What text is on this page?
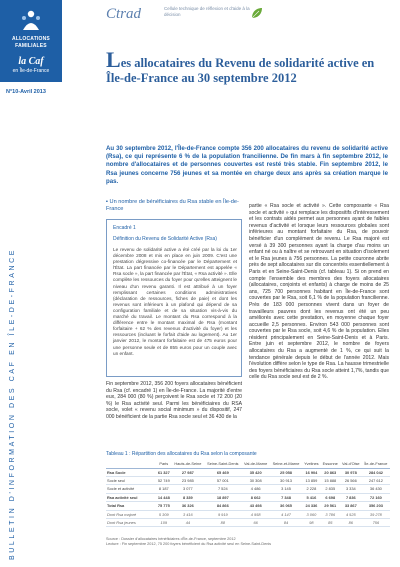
ALLOCATIONS
FAMILIALES
la Caf
en Île-de-France
N°10-Avril 2013
BULLETIN D'INFORMATION DES CAF EN ÎLE-DE-FRANCE
Ctrad	Cellule technique de réflexion et d'aide à la décision
Les allocataires du Revenu de solidarité active en Île-de-France au 30 septembre 2012

Au 30 septembre 2012, l'Île-de-France compte 356 200 allocataires du revenu de solidarité active (Rsa), ce qui représente 6 % de la population francilienne. De fin mars à fin septembre 2012, le nombre d'allocataires et de personnes couvertes est resté très stable. Fin septembre 2012, le Rsa jeunes concerne 756 jeunes et sa montée en charge deux ans après sa création marque le pas.

▪ Un nombre de bénéficiaires du Rsa stable en Île-de-France
Encadré 1
Définition du Revenu de Solidarité Active (Rsa)
Le revenu de solidarité active a été créé par la loi du 1er décembre 2008 et mis en place en juin 2009. C'est une prestation dégressive co-financée par le Département et l'État. La part financée par le Département est appelée « Rsa socle », la part financée par l'État, « Rsa activité ». Elle complète les ressources du foyer pour qu'elles atteignent le niveau d'un revenu garanti. Il est attribué à un foyer remplissant certaines conditions administratives (déclaration de ressources, fiches de paie) et dont les revenus sont inférieurs à un plafond qui dépend de sa configuration familiale et de sa situation vis-à-vis du marché du travail. Le montant du Rsa correspond à la différence entre le montant maximal de Rsa (montant forfaitaire + 62 % des revenus d'activité du foyer) et les ressources (incluant le forfait d'aide au logement). Au 1er janvier 2012, le montant forfaitaire est de 475 euros pour une personne seule et de 855 euros pour un couple avec un enfant.

Fin septembre 2012, 356 200 foyers allocataires bénéficient du Rsa (cf. encadré 1) en Île-de-France. La majorité d'entre eux, 284 000 (80 %) perçoivent le Rsa socle et 72 200 (20 %) le Rsa activité seul. Parmi les bénéficiaires du RSA socle, volet « revenu social minimum » du dispositif, 247 000 bénéficient de la partie Rsa socle seul et 36 430 de la

partie « Rsa socle et activité ». Cette composante « Rsa socle et activité » qui remplace les dispositifs d'intéressement et les contrats aidés permet aux personnes ayant de faibles revenus d'activité et lorsque leurs ressources globales sont inférieures au montant forfaitaire du Rsa, de pouvoir bénéficier d'un complément de revenu. Le Rsa majoré est versé à 39 300 personnes ayant la charge d'au moins un enfant né ou à naître et se retrouvant en situation d'isolement et le Rsa jeunes à 756 personnes. La petite couronne abrite près de sept allocataires sur dix concentrés essentiellement à Paris et en Seine-Saint-Denis (cf. tableau 1). Si on prend en compte l'ensemble des membres des foyers allocataires (allocataires, conjoints et enfants) à charge de moins de 25 ans, 725 700 personnes habitant en Île-de-France sont couvertes par le Rsa, soit 6,1 % de la population francilienne. Près de 183 000 personnes vivent dans un foyer de travailleurs pauvres dont les revenus ont été un peu améliorés avec cette prestation, en moyenne chaque foyer accueille 2,5 personnes. Environ 543 000 personnes sont couvertes par le Rsa socle, soit 4,6 % de la population. Elles résident principalement en Seine-Saint-Denis et à Paris. Entre juin et septembre 2012, le nombre de foyers allocataires du Rsa a augmenté de 1 %, ce qui suit la tendance générale depuis le début de l'année 2012. Mais l'évolution diffère selon le type de Rsa. La hausse trimestrielle des foyers bénéficiaires du Rsa socle atteint 1,7%, tandis que celle du Rsa socle seul est de 2 %.

Tableau 1 : Répartition des allocataires du Rsa selon la composante
	Paris	Hauts-de-Seine	Seine-Saint-Denis	Val-de-Marne	Seine-et-Marne	Yvelines	Essonne	Val-d'Oise	Île-de-France
Rsa Socle	61 327	27 987	65 469	35 420	25 058	16 904	20 863	30 978	284 042
Socle seul	52 749	23 985	57 001	30 308	30 913	13 859	15 888	26 566	247 612
Socle et activité	8 187	3 077	7 524	4 486	3 145	2 228	2 835	3 334	36 430
Rsa activité seul	14 448	8 339	18 897	8 662	7 348	5 416	6 698	7 836	72 160
Total Rsa	75 775	36 326	84 866	43 498	36 065	24 336	29 561	33 867	356 203
Dont Rsa majoré	5 309	3 416	9 919	4 958	4 147	3 060	3 786	4 525	39 278
Dont Rsa jeunes	109	44	88	66	84	98	85	86	756
Source : Dossier d'allocataires bénéficiaires d'Île-de-France, septembre 2012
Lecture : Fin septembre 2012, 75 200 foyers bénéficient du Rsa activité seul en Seine-Saint-Denis
